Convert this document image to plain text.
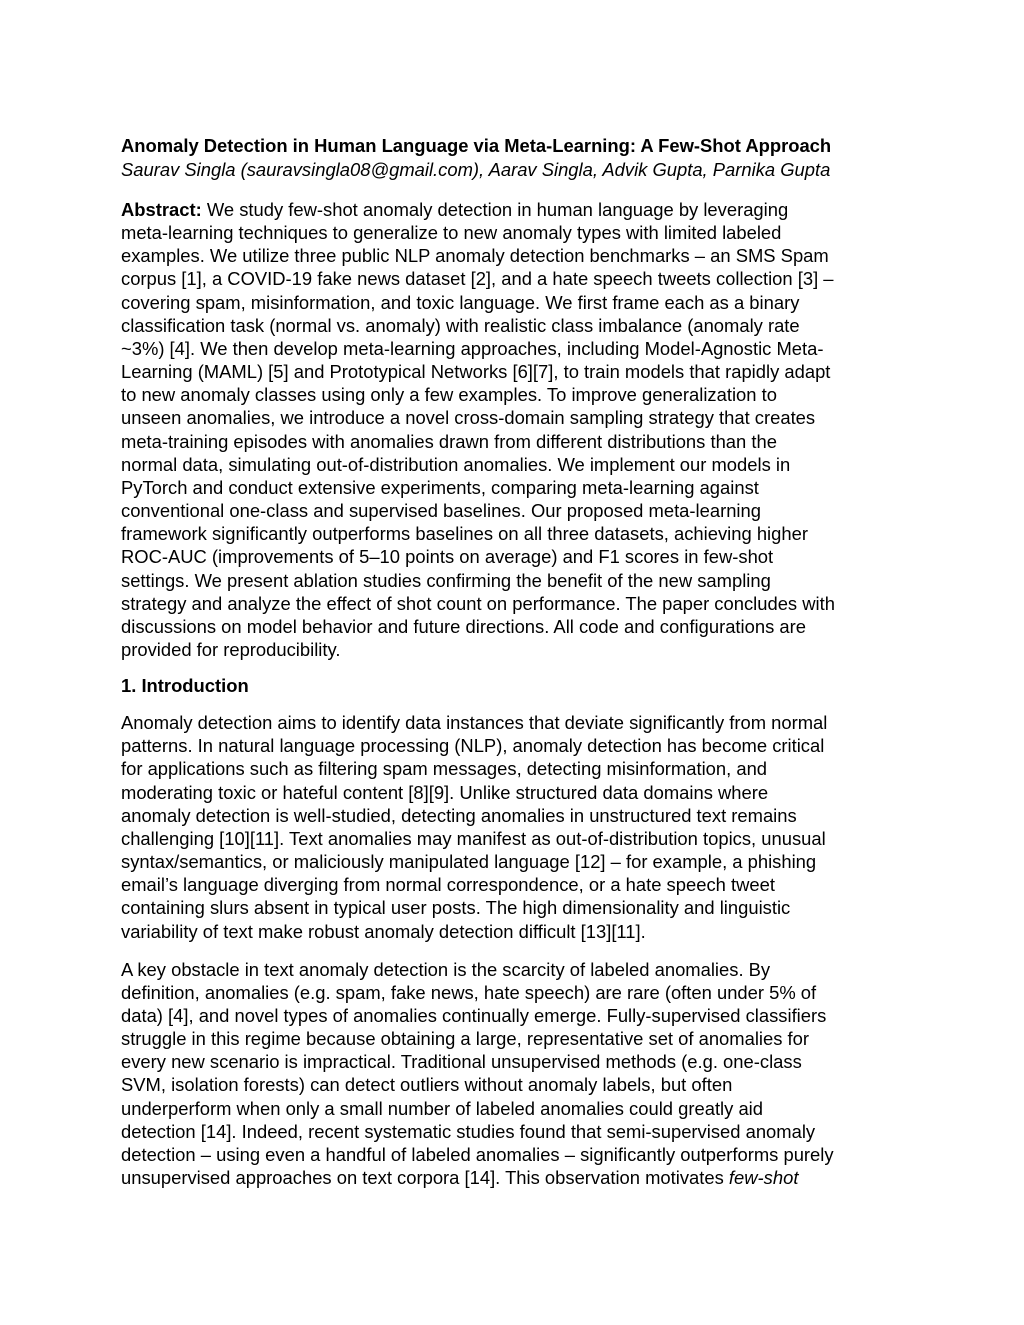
Anomaly Detection in Human Language via Meta-Learning: A Few-Shot Approach

Saurav Singla (sauravsingla08@gmail.com), Aarav Singla, Advik Gupta, Parnika Gupta

Abstract: We study few-shot anomaly detection in human language by leveraging
meta-learning techniques to generalize to new anomaly types with limited labeled
examples. We utilize three public NLP anomaly detection benchmarks – an SMS Spam
corpus [1], a COVID-19 fake news dataset [2], and a hate speech tweets collection [3] –
covering spam, misinformation, and toxic language. We first frame each as a binary
classification task (normal vs. anomaly) with realistic class imbalance (anomaly rate
~3%) [4]. We then develop meta-learning approaches, including Model-Agnostic Meta-
Learning (MAML) [5] and Prototypical Networks [6][7], to train models that rapidly adapt
to new anomaly classes using only a few examples. To improve generalization to
unseen anomalies, we introduce a novel cross-domain sampling strategy that creates
meta-training episodes with anomalies drawn from different distributions than the
normal data, simulating out-of-distribution anomalies. We implement our models in
PyTorch and conduct extensive experiments, comparing meta-learning against
conventional one-class and supervised baselines. Our proposed meta-learning
framework significantly outperforms baselines on all three datasets, achieving higher
ROC-AUC (improvements of 5–10 points on average) and F1 scores in few-shot
settings. We present ablation studies confirming the benefit of the new sampling
strategy and analyze the effect of shot count on performance. The paper concludes with
discussions on model behavior and future directions. All code and configurations are
provided for reproducibility.

1. Introduction

Anomaly detection aims to identify data instances that deviate significantly from normal
patterns. In natural language processing (NLP), anomaly detection has become critical
for applications such as filtering spam messages, detecting misinformation, and
moderating toxic or hateful content [8][9]. Unlike structured data domains where
anomaly detection is well-studied, detecting anomalies in unstructured text remains
challenging [10][11]. Text anomalies may manifest as out-of-distribution topics, unusual
syntax/semantics, or maliciously manipulated language [12] – for example, a phishing
email’s language diverging from normal correspondence, or a hate speech tweet
containing slurs absent in typical user posts. The high dimensionality and linguistic
variability of text make robust anomaly detection difficult [13][11].
A key obstacle in text anomaly detection is the scarcity of labeled anomalies. By
definition, anomalies (e.g. spam, fake news, hate speech) are rare (often under 5% of
data) [4], and novel types of anomalies continually emerge. Fully-supervised classifiers
struggle in this regime because obtaining a large, representative set of anomalies for
every new scenario is impractical. Traditional unsupervised methods (e.g. one-class
SVM, isolation forests) can detect outliers without anomaly labels, but often
underperform when only a small number of labeled anomalies could greatly aid
detection [14]. Indeed, recent systematic studies found that semi-supervised anomaly
detection – using even a handful of labeled anomalies – significantly outperforms purely
unsupervised approaches on text corpora [14]. This observation motivates few-shot
